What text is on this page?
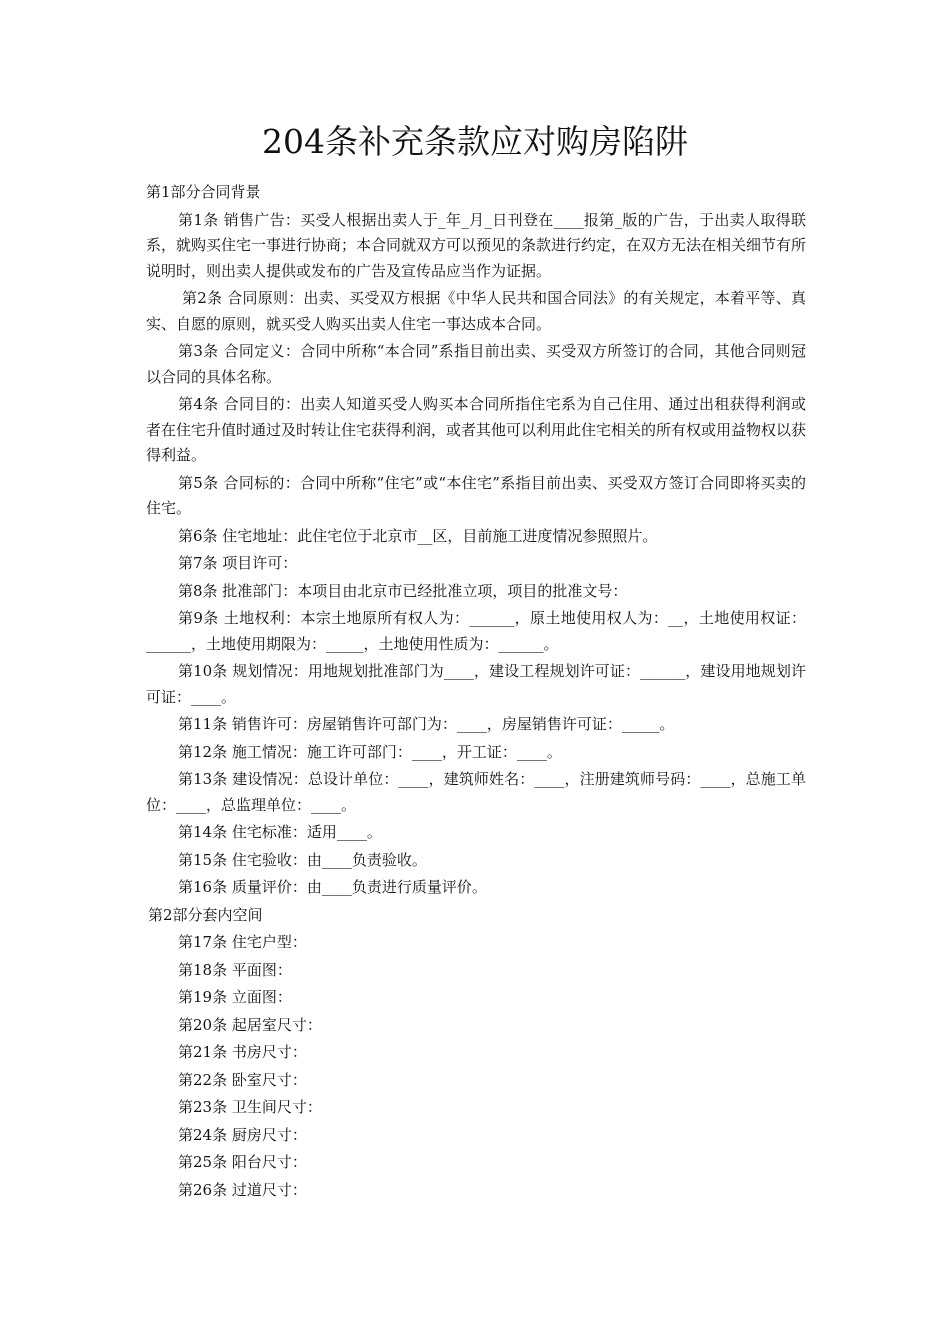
204条补充条款应对购房陷阱

第1部分合同背景

第1条 销售广告：买受人根据出卖人于_年_月_日刊登在____报第_版的广告，于出卖人取得联系，就购买住宅一事进行协商；本合同就双方可以预见的条款进行约定，在双方无法在相关细节有所说明时，则出卖人提供或发布的广告及宣传品应当作为证据。

第2条 合同原则：出卖、买受双方根据《中华人民共和国合同法》的有关规定，本着平等、真实、自愿的原则，就买受人购买出卖人住宅一事达成本合同。

第3条 合同定义：合同中所称“本合同”系指目前出卖、买受双方所签订的合同，其他合同则冠以合同的具体名称。

第4条 合同目的：出卖人知道买受人购买本合同所指住宅系为自己住用、通过出租获得利润或者在住宅升值时通过及时转让住宅获得利润，或者其他可以利用此住宅相关的所有权或用益物权以获得利益。

第5条 合同标的：合同中所称“住宅”或“本住宅”系指目前出卖、买受双方签订合同即将买卖的住宅。

第6条 住宅地址：此住宅位于北京市__区，目前施工进度情况参照照片。

第7条 项目许可：

第8条 批准部门：本项目由北京市已经批准立项，项目的批准文号：

第9条 土地权利：本宗土地原所有权人为：______，原土地使用权人为：__，土地使用权证：______，土地使用期限为：_____，土地使用性质为：______。

第10条 规划情况：用地规划批准部门为____，建设工程规划许可证：______，建设用地规划许可证：____。

第11条 销售许可：房屋销售许可部门为：____，房屋销售许可证：_____。

第12条 施工情况：施工许可部门：____，开工证：____。

第13条 建设情况：总设计单位：____，建筑师姓名：____，注册建筑师号码：____，总施工单位：____，总监理单位：____。

第14条 住宅标准：适用____。

第15条 住宅验收：由____负责验收。

第16条 质量评价：由____负责进行质量评价。

第2部分套内空间

第17条 住宅户型：

第18条 平面图：

第19条 立面图：

第20条 起居室尺寸：

第21条 书房尺寸：

第22条 卧室尺寸：

第23条 卫生间尺寸：

第24条 厨房尺寸：

第25条 阳台尺寸：

第26条 过道尺寸：
